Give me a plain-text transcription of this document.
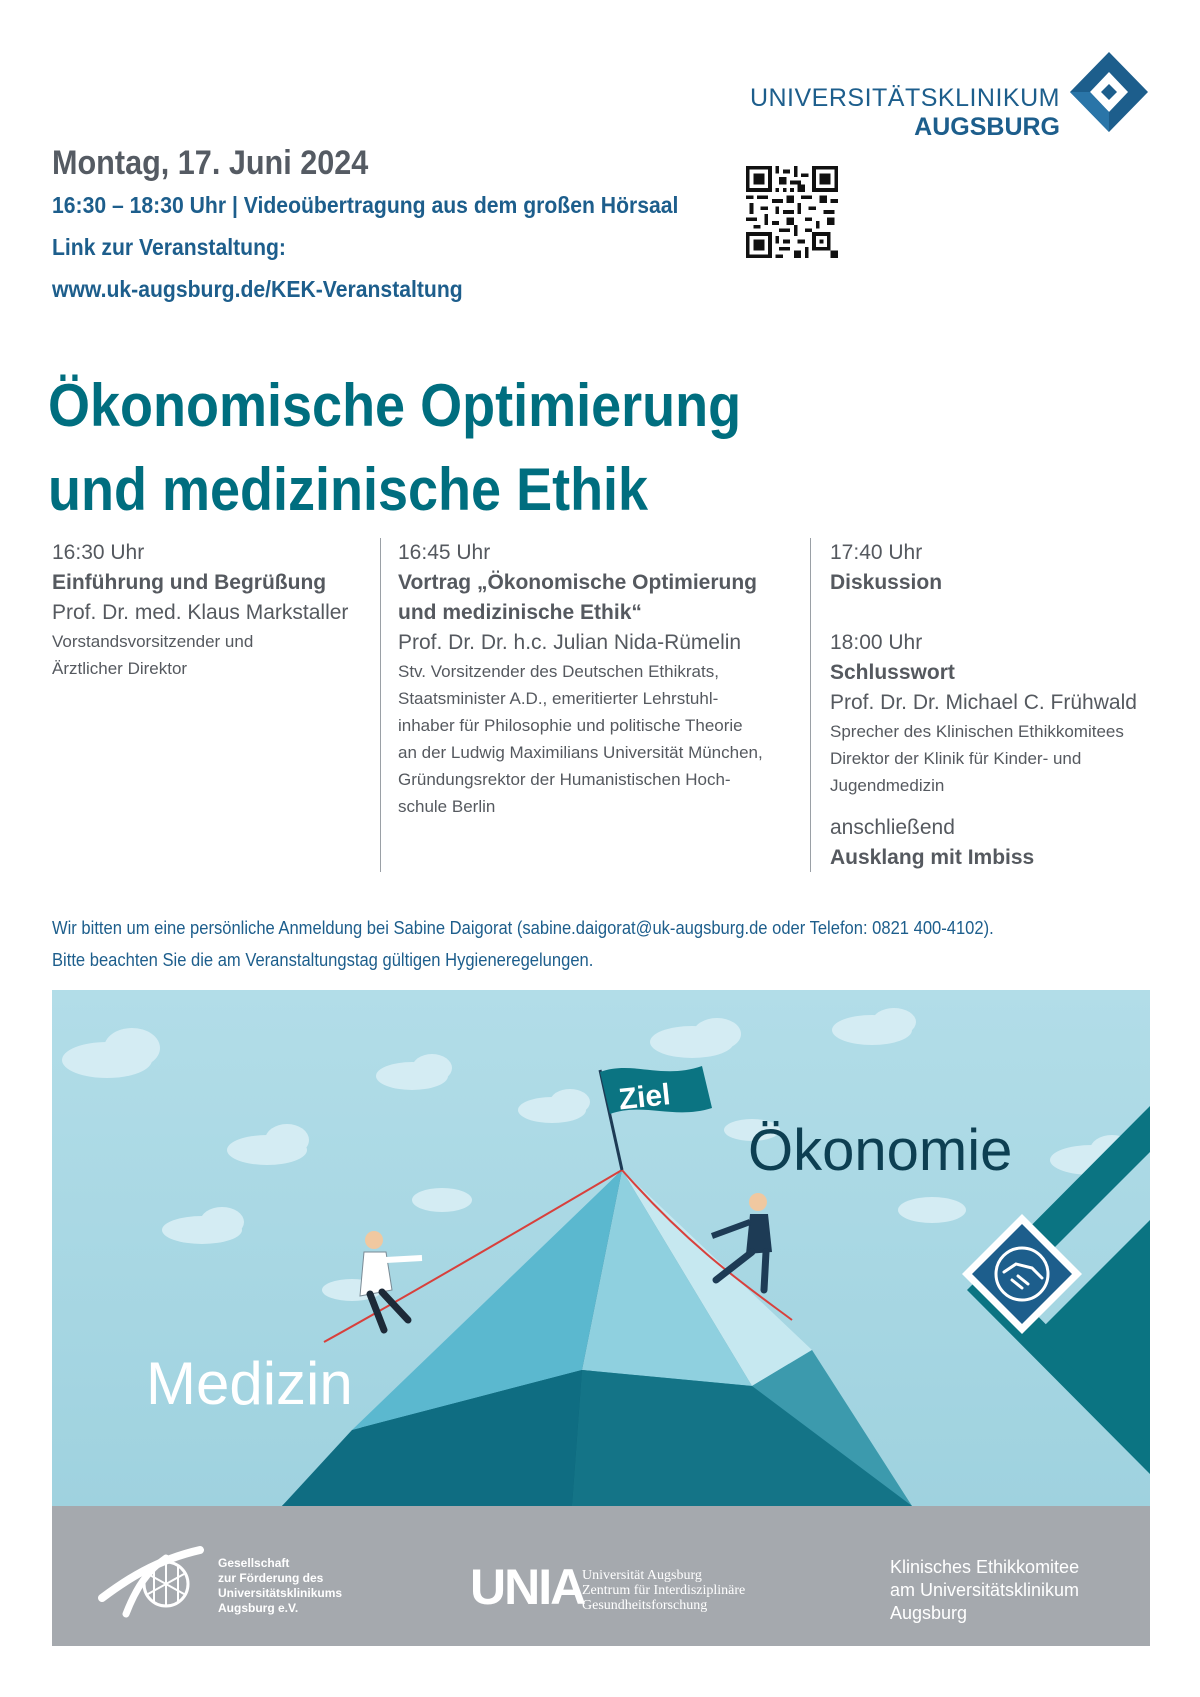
UNIVERSITÄTSKLINIKUM
AUGSBURG
Montag, 17. Juni 2024
16:30 – 18:30 Uhr | Videoübertragung aus dem großen Hörsaal
Link zur Veranstaltung:
www.uk-augsburg.de/KEK-Veranstaltung
Ökonomische Optimierung
und medizinische Ethik
16:30 Uhr
Einführung und Begrüßung
Prof. Dr. med. Klaus Markstaller
Vorstandsvorsitzender und
Ärztlicher Direktor
16:45 Uhr
Vortrag „Ökonomische Optimierung
und medizinische Ethik“
Prof. Dr. Dr. h.c. Julian Nida-Rümelin
Stv. Vorsitzender des Deutschen Ethikrats,
Staatsminister A.D., emeritierter Lehrstuhl-
inhaber für Philosophie und politische Theorie
an der Ludwig Maximilians Universität München,
Gründungsrektor der Humanistischen Hoch-
schule Berlin
17:40 Uhr
Diskussion
18:00 Uhr
Schlusswort
Prof. Dr. Dr. Michael C. Frühwald
Sprecher des Klinischen Ethikkomitees
Direktor der Klinik für Kinder- und
Jugendmedizin
anschließend
Ausklang mit Imbiss
Wir bitten um eine persönliche Anmeldung bei Sabine Daigorat (sabine.daigorat@uk-augsburg.de oder Telefon: 0821 400-4102).
Bitte beachten Sie die am Veranstaltungstag gültigen Hygieneregelungen.
Ziel
Medizin
Ökonomie
Gesellschaft
zur Förderung des
Universitätsklinikums
Augsburg e.V.	UNIA
Universität Augsburg
Zentrum für Interdisziplinäre
Gesundheitsforschung
Klinisches Ethikkomitee
am Universitätsklinikum
Augsburg
